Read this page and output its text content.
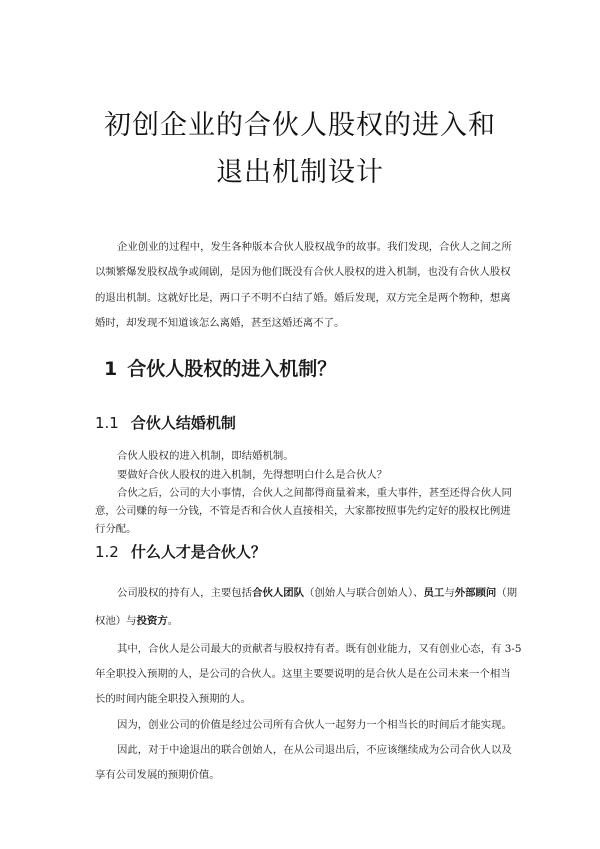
初创企业的合伙人股权的进入和
退出机制设计
企业创业的过程中，发生各种版本合伙人股权战争的故事。我们发现，合伙人之间之所
以频繁爆发股权战争或闹剧，是因为他们既没有合伙人股权的进入机制，也没有合伙人股权
的退出机制。这就好比是，两口子不明不白结了婚。婚后发现，双方完全是两个物种，想离
婚时，却发现不知道该怎么离婚，甚至这婚还离不了。
1 合伙人股权的进入机制？
1.1 合伙人结婚机制
合伙人股权的进入机制，即结婚机制。
要做好合伙人股权的进入机制，先得想明白什么是合伙人？
合伙之后，公司的大小事情，合伙人之间都得商量着来，重大事件，甚至还得合伙人同
意，公司赚的每一分钱，不管是否和合伙人直接相关，大家都按照事先约定好的股权比例进
行分配。
1.2 什么人才是合伙人？
公司股权的持有人，主要包括合伙人团队（创始人与联合创始人）、员工与外部顾问（期
权池）与投资方。
其中，合伙人是公司最大的贡献者与股权持有者。既有创业能力，又有创业心态，有 3-5
年全职投入预期的人，是公司的合伙人。这里主要要说明的是合伙人是在公司未来一个相当
长的时间内能全职投入预期的人。
因为，创业公司的价值是经过公司所有合伙人一起努力一个相当长的时间后才能实现。
因此，对于中途退出的联合创始人，在从公司退出后，不应该继续成为公司合伙人以及
享有公司发展的预期价值。
